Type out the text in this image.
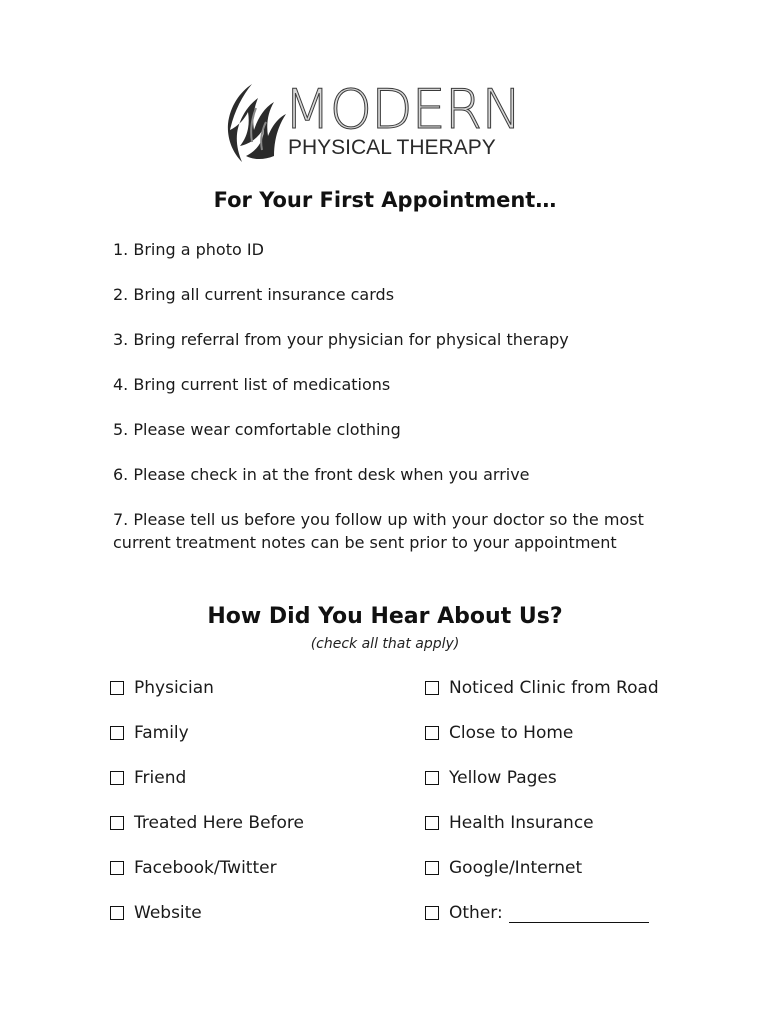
MODERN
PHYSICAL THERAPY
For Your First Appointment…

1. Bring a photo ID

2. Bring all current insurance cards

3. Bring referral from your physician for physical therapy

4. Bring current list of medications

5. Please wear comfortable clothing

6. Please check in at the front desk when you arrive

7. Please tell us before you follow up with your doctor so the most current treatment notes can be sent prior to your appointment

How Did You Hear About Us?
(check all that apply)
Physician	Noticed Clinic from Road
Family	Close to Home
Friend	Yellow Pages
Treated Here Before	Health Insurance
Facebook/Twitter	Google/Internet
Website	Other:
